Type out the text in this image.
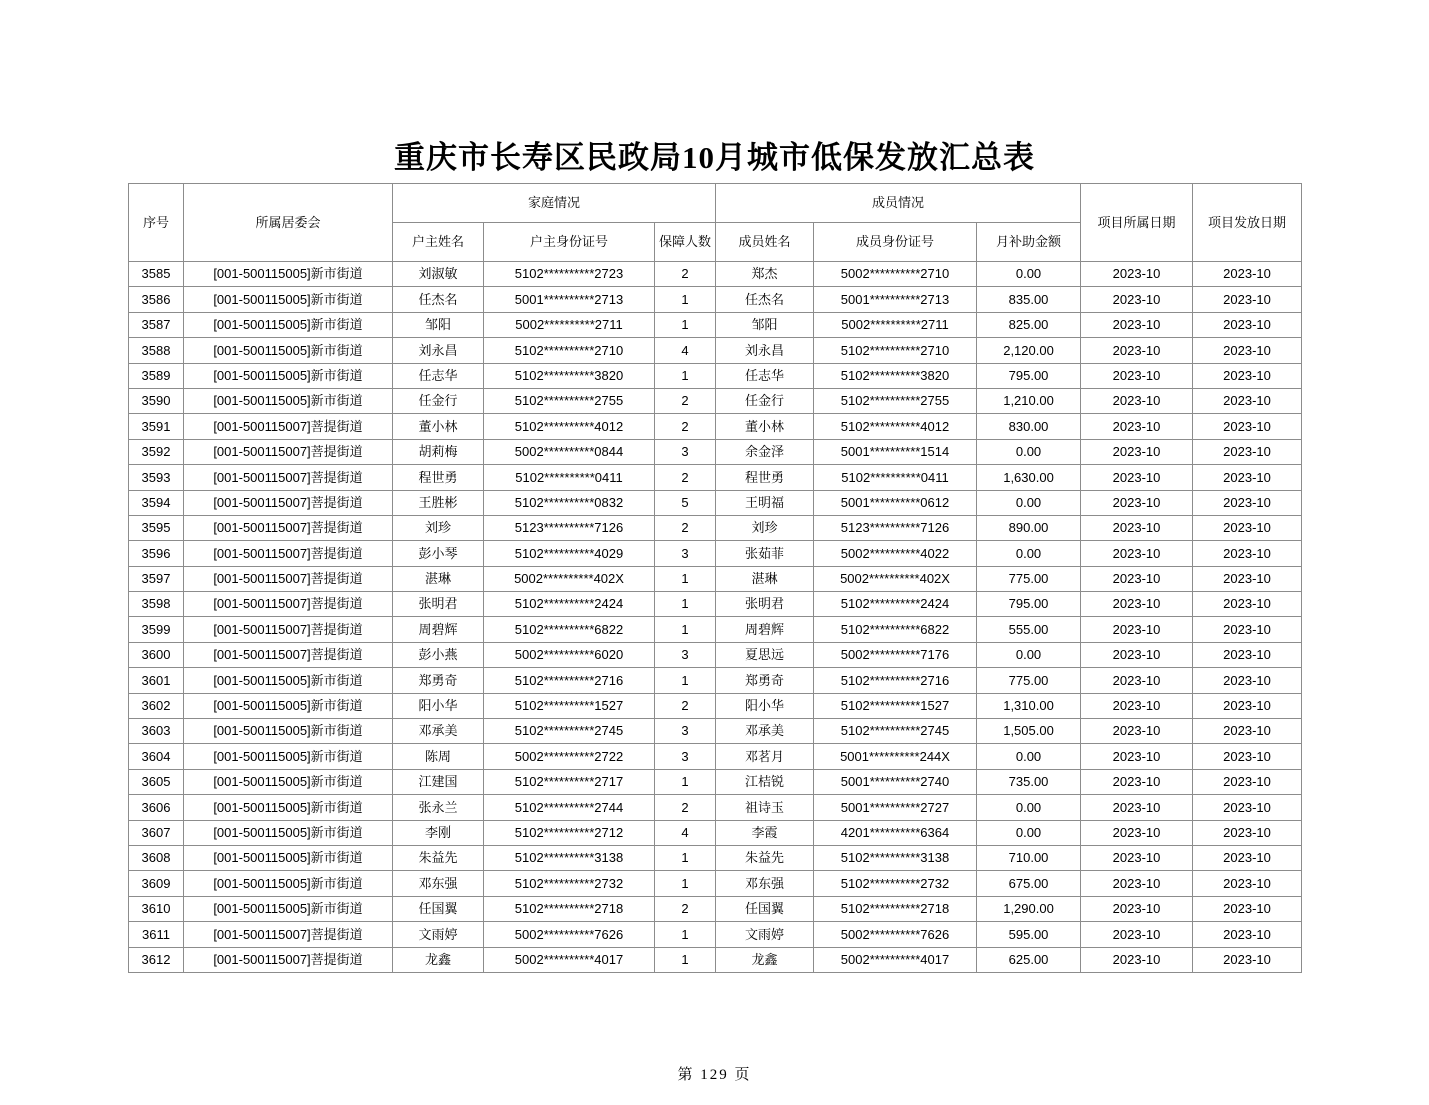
重庆市长寿区民政局10月城市低保发放汇总表
序号	所属居委会	家庭情况			成员情况			项目所属日期	项目发放日期
		户主姓名	户主身份证号	保障人数	成员姓名	成员身份证号	月补助金额		
3585	[001-500115005]新市街道	刘淑敏	5102**********2723	2	郑杰	5002**********2710	0.00	2023-10	2023-10
3586	[001-500115005]新市街道	任杰名	5001**********2713	1	任杰名	5001**********2713	835.00	2023-10	2023-10
3587	[001-500115005]新市街道	邹阳	5002**********2711	1	邹阳	5002**********2711	825.00	2023-10	2023-10
3588	[001-500115005]新市街道	刘永昌	5102**********2710	4	刘永昌	5102**********2710	2,120.00	2023-10	2023-10
3589	[001-500115005]新市街道	任志华	5102**********3820	1	任志华	5102**********3820	795.00	2023-10	2023-10
3590	[001-500115005]新市街道	任金行	5102**********2755	2	任金行	5102**********2755	1,210.00	2023-10	2023-10
3591	[001-500115007]菩提街道	董小林	5102**********4012	2	董小林	5102**********4012	830.00	2023-10	2023-10
3592	[001-500115007]菩提街道	胡莉梅	5002**********0844	3	余金泽	5001**********1514	0.00	2023-10	2023-10
3593	[001-500115007]菩提街道	程世勇	5102**********0411	2	程世勇	5102**********0411	1,630.00	2023-10	2023-10
3594	[001-500115007]菩提街道	王胜彬	5102**********0832	5	王明福	5001**********0612	0.00	2023-10	2023-10
3595	[001-500115007]菩提街道	刘珍	5123**********7126	2	刘珍	5123**********7126	890.00	2023-10	2023-10
3596	[001-500115007]菩提街道	彭小琴	5102**********4029	3	张茹菲	5002**********4022	0.00	2023-10	2023-10
3597	[001-500115007]菩提街道	湛琳	5002**********402X	1	湛琳	5002**********402X	775.00	2023-10	2023-10
3598	[001-500115007]菩提街道	张明君	5102**********2424	1	张明君	5102**********2424	795.00	2023-10	2023-10
3599	[001-500115007]菩提街道	周碧辉	5102**********6822	1	周碧辉	5102**********6822	555.00	2023-10	2023-10
3600	[001-500115007]菩提街道	彭小燕	5002**********6020	3	夏思远	5002**********7176	0.00	2023-10	2023-10
3601	[001-500115005]新市街道	郑勇奇	5102**********2716	1	郑勇奇	5102**********2716	775.00	2023-10	2023-10
3602	[001-500115005]新市街道	阳小华	5102**********1527	2	阳小华	5102**********1527	1,310.00	2023-10	2023-10
3603	[001-500115005]新市街道	邓承美	5102**********2745	3	邓承美	5102**********2745	1,505.00	2023-10	2023-10
3604	[001-500115005]新市街道	陈周	5002**********2722	3	邓茗月	5001**********244X	0.00	2023-10	2023-10
3605	[001-500115005]新市街道	江建国	5102**********2717	1	江桔锐	5001**********2740	735.00	2023-10	2023-10
3606	[001-500115005]新市街道	张永兰	5102**********2744	2	祖诗玉	5001**********2727	0.00	2023-10	2023-10
3607	[001-500115005]新市街道	李刚	5102**********2712	4	李霞	4201**********6364	0.00	2023-10	2023-10
3608	[001-500115005]新市街道	朱益先	5102**********3138	1	朱益先	5102**********3138	710.00	2023-10	2023-10
3609	[001-500115005]新市街道	邓东强	5102**********2732	1	邓东强	5102**********2732	675.00	2023-10	2023-10
3610	[001-500115005]新市街道	任国翼	5102**********2718	2	任国翼	5102**********2718	1,290.00	2023-10	2023-10
3611	[001-500115007]菩提街道	文雨婷	5002**********7626	1	文雨婷	5002**********7626	595.00	2023-10	2023-10
3612	[001-500115007]菩提街道	龙鑫	5002**********4017	1	龙鑫	5002**********4017	625.00	2023-10	2023-10
第 129 页
